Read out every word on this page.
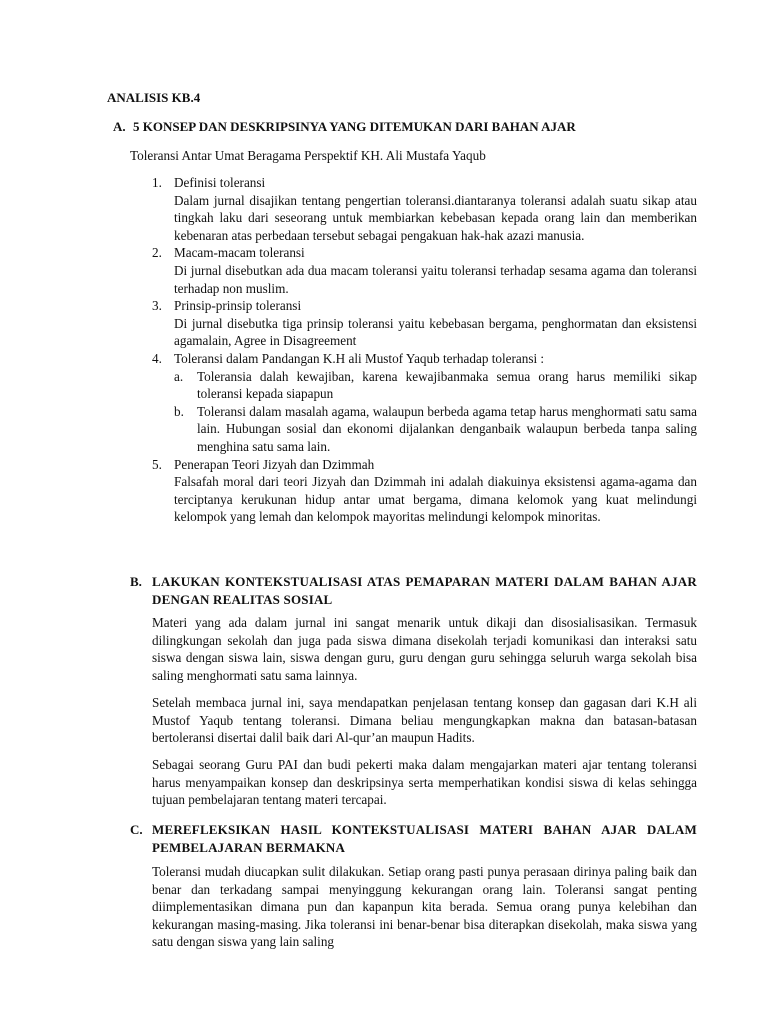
ANALISIS KB.4
A. 5 KONSEP DAN DESKRIPSINYA YANG DITEMUKAN DARI BAHAN AJAR
Toleransi Antar Umat Beragama Perspektif KH. Ali Mustafa Yaqub
1. Definisi toleransi
Dalam jurnal disajikan tentang pengertian toleransi.diantaranya toleransi adalah suatu sikap atau tingkah laku dari seseorang untuk membiarkan kebebasan kepada orang lain dan memberikan kebenaran atas perbedaan tersebut sebagai pengakuan hak-hak azazi manusia.
2. Macam-macam toleransi
Di jurnal disebutkan ada dua macam toleransi yaitu toleransi terhadap sesama agama dan toleransi terhadap non muslim.
3. Prinsip-prinsip toleransi
Di jurnal disebutka tiga prinsip toleransi yaitu kebebasan bergama, penghormatan dan eksistensi agamalain, Agree in Disagreement
4. Toleransi dalam Pandangan K.H ali Mustof Yaqub terhadap toleransi :
a. Toleransia dalah kewajiban, karena kewajibanmaka semua orang harus memiliki sikap toleransi kepada siapapun
b. Toleransi dalam masalah agama, walaupun berbeda agama tetap harus menghormati satu sama lain. Hubungan sosial dan ekonomi dijalankan denganbaik walaupun berbeda tanpa saling menghina satu sama lain.
5. Penerapan Teori Jizyah dan Dzimmah
Falsafah moral dari teori Jizyah dan Dzimmah ini adalah diakuinya eksistensi agama-agama dan terciptanya kerukunan hidup antar umat bergama, dimana kelomok yang kuat melindungi kelompok yang lemah dan kelompok mayoritas melindungi kelompok minoritas.
B. LAKUKAN KONTEKSTUALISASI ATAS PEMAPARAN MATERI DALAM BAHAN AJAR DENGAN REALITAS SOSIAL

Materi yang ada dalam jurnal ini sangat menarik untuk dikaji dan disosialisasikan. Termasuk dilingkungan sekolah dan juga pada siswa dimana disekolah terjadi komunikasi dan interaksi satu siswa dengan siswa lain, siswa dengan guru, guru dengan guru sehingga seluruh warga sekolah bisa saling menghormati satu sama lainnya.

Setelah membaca jurnal ini, saya mendapatkan penjelasan tentang konsep dan gagasan dari K.H ali Mustof Yaqub tentang toleransi. Dimana beliau mengungkapkan makna dan batasan-batasan bertoleransi disertai dalil baik dari Al-qur’an maupun Hadits.

Sebagai seorang Guru PAI dan budi pekerti maka dalam mengajarkan materi ajar tentang toleransi harus menyampaikan konsep dan deskripsinya serta memperhatikan kondisi siswa di kelas sehingga tujuan pembelajaran tentang materi tercapai.

C. MEREFLEKSIKAN HASIL KONTEKSTUALISASI MATERI BAHAN AJAR DALAM PEMBELAJARAN BERMAKNA

Toleransi mudah diucapkan sulit dilakukan. Setiap orang pasti punya perasaan dirinya paling baik dan benar dan terkadang sampai menyinggung kekurangan orang lain. Toleransi sangat penting diimplementasikan dimana pun dan kapanpun kita berada. Semua orang punya kelebihan dan kekurangan masing-masing. Jika toleransi ini benar-benar bisa diterapkan disekolah, maka siswa yang satu dengan siswa yang lain saling
